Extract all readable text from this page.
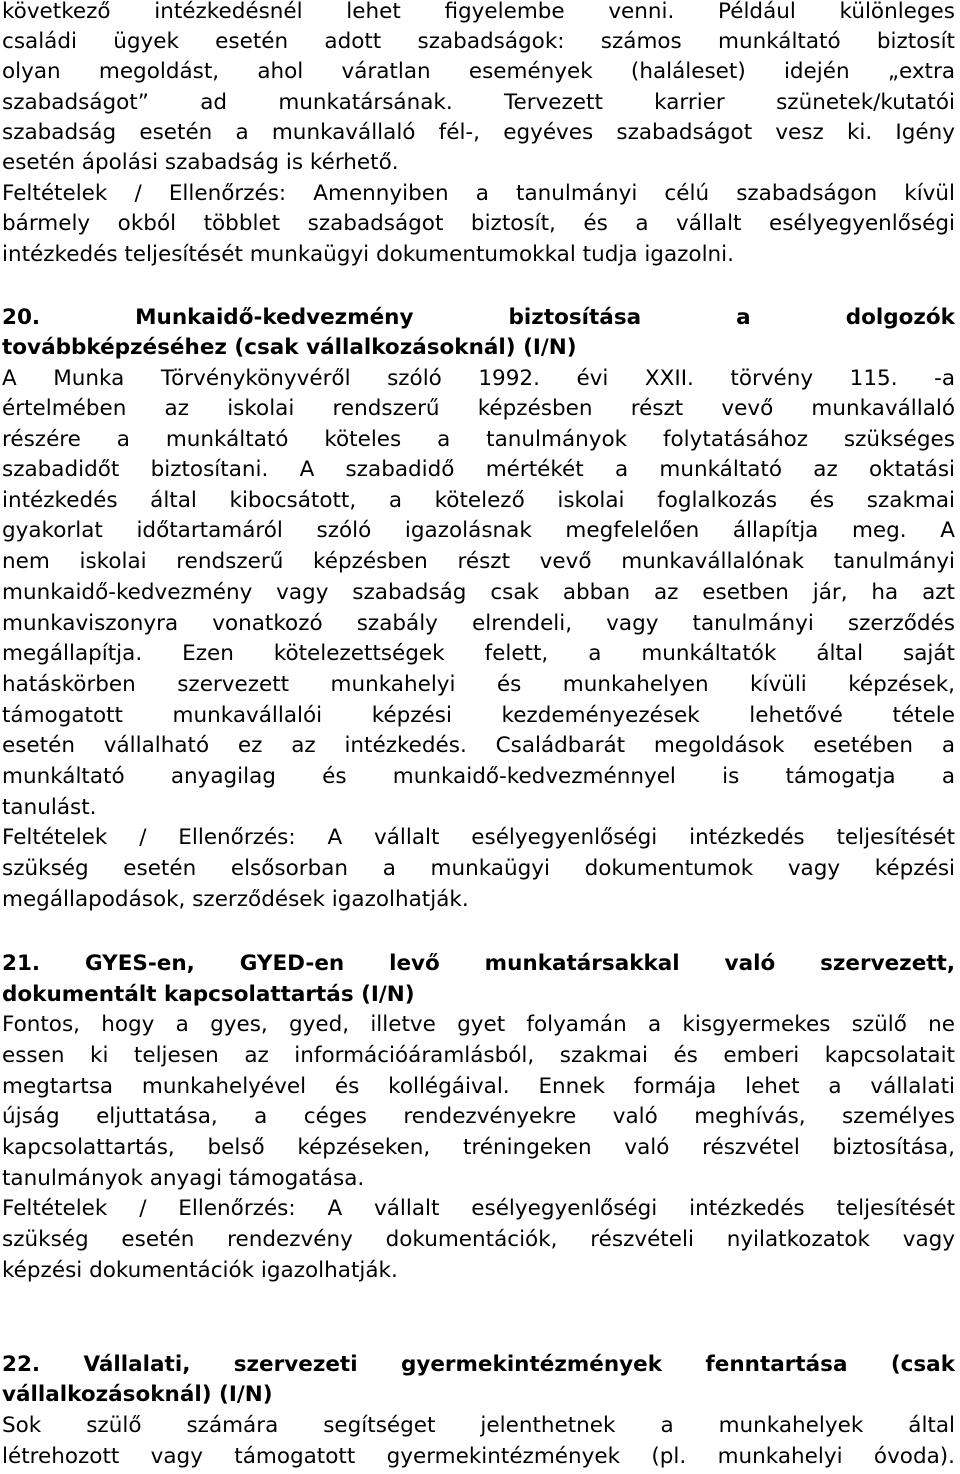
következő intézkedésnél lehet figyelembe venni. Például különleges
családi ügyek esetén adott szabadságok: számos munkáltató biztosít
olyan megoldást, ahol váratlan események (haláleset) idején „extra
szabadságot” ad munkatársának. Tervezett karrier szünetek/kutatói
szabadság esetén a munkavállaló fél-, egyéves szabadságot vesz ki. Igény
esetén ápolási szabadság is kérhető.
Feltételek / Ellenőrzés: Amennyiben a tanulmányi célú szabadságon kívül
bármely okból többlet szabadságot biztosít, és a vállalt esélyegyenlőségi
intézkedés teljesítését munkaügyi dokumentumokkal tudja igazolni.
20. Munkaidő-kedvezmény biztosítása a dolgozók
továbbképzéséhez (csak vállalkozásoknál) (I/N)
A Munka Törvénykönyvéről szóló 1992. évi XXII. törvény 115. -a
értelmében az iskolai rendszerű képzésben részt vevő munkavállaló
részére a munkáltató köteles a tanulmányok folytatásához szükséges
szabadidőt biztosítani. A szabadidő mértékét a munkáltató az oktatási
intézkedés által kibocsátott, a kötelező iskolai foglalkozás és szakmai
gyakorlat időtartamáról szóló igazolásnak megfelelően állapítja meg. A
nem iskolai rendszerű képzésben részt vevő munkavállalónak tanulmányi
munkaidő-kedvezmény vagy szabadság csak abban az esetben jár, ha azt
munkaviszonyra vonatkozó szabály elrendeli, vagy tanulmányi szerződés
megállapítja. Ezen kötelezettségek felett, a munkáltatók által saját
hatáskörben szervezett munkahelyi és munkahelyen kívüli képzések,
támogatott munkavállalói képzési kezdeményezések lehetővé tétele
esetén vállalható ez az intézkedés. Családbarát megoldások esetében a
munkáltató anyagilag és munkaidő-kedvezménnyel is támogatja a
tanulást.
Feltételek / Ellenőrzés: A vállalt esélyegyenlőségi intézkedés teljesítését
szükség esetén elsősorban a munkaügyi dokumentumok vagy képzési
megállapodások, szerződések igazolhatják.
21. GYES-en, GYED-en levő munkatársakkal való szervezett,
dokumentált kapcsolattartás (I/N)
Fontos, hogy a gyes, gyed, illetve gyet folyamán a kisgyermekes szülő ne
essen ki teljesen az információáramlásból, szakmai és emberi kapcsolatait
megtartsa munkahelyével és kollégáival. Ennek formája lehet a vállalati
újság eljuttatása, a céges rendezvényekre való meghívás, személyes
kapcsolattartás, belső képzéseken, tréningeken való részvétel biztosítása,
tanulmányok anyagi támogatása.
Feltételek / Ellenőrzés: A vállalt esélyegyenlőségi intézkedés teljesítését
szükség esetén rendezvény dokumentációk, részvételi nyilatkozatok vagy
képzési dokumentációk igazolhatják.
22. Vállalati, szervezeti gyermekintézmények fenntartása (csak
vállalkozásoknál) (I/N)
Sok szülő számára segítséget jelenthetnek a munkahelyek által
létrehozott vagy támogatott gyermekintézmények (pl. munkahelyi óvoda).
